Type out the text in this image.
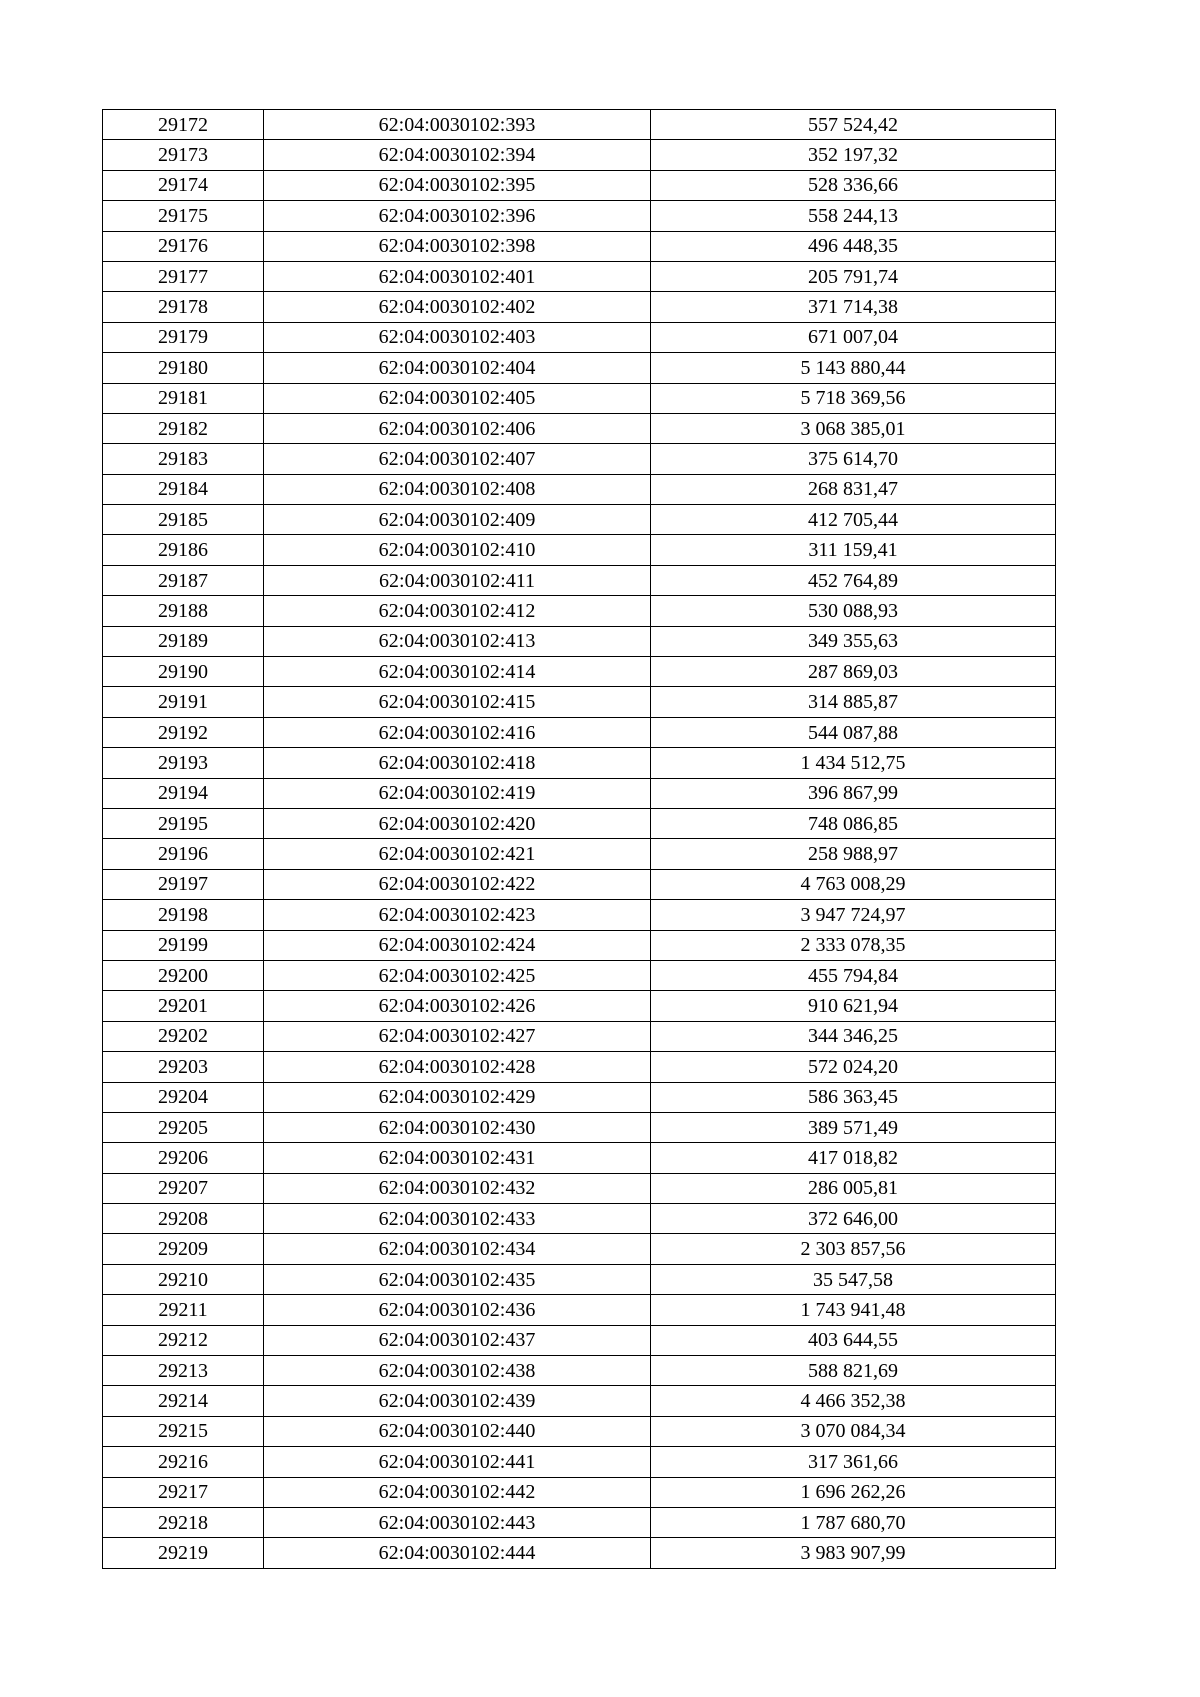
29172	62:04:0030102:393	557 524,42
29173	62:04:0030102:394	352 197,32
29174	62:04:0030102:395	528 336,66
29175	62:04:0030102:396	558 244,13
29176	62:04:0030102:398	496 448,35
29177	62:04:0030102:401	205 791,74
29178	62:04:0030102:402	371 714,38
29179	62:04:0030102:403	671 007,04
29180	62:04:0030102:404	5 143 880,44
29181	62:04:0030102:405	5 718 369,56
29182	62:04:0030102:406	3 068 385,01
29183	62:04:0030102:407	375 614,70
29184	62:04:0030102:408	268 831,47
29185	62:04:0030102:409	412 705,44
29186	62:04:0030102:410	311 159,41
29187	62:04:0030102:411	452 764,89
29188	62:04:0030102:412	530 088,93
29189	62:04:0030102:413	349 355,63
29190	62:04:0030102:414	287 869,03
29191	62:04:0030102:415	314 885,87
29192	62:04:0030102:416	544 087,88
29193	62:04:0030102:418	1 434 512,75
29194	62:04:0030102:419	396 867,99
29195	62:04:0030102:420	748 086,85
29196	62:04:0030102:421	258 988,97
29197	62:04:0030102:422	4 763 008,29
29198	62:04:0030102:423	3 947 724,97
29199	62:04:0030102:424	2 333 078,35
29200	62:04:0030102:425	455 794,84
29201	62:04:0030102:426	910 621,94
29202	62:04:0030102:427	344 346,25
29203	62:04:0030102:428	572 024,20
29204	62:04:0030102:429	586 363,45
29205	62:04:0030102:430	389 571,49
29206	62:04:0030102:431	417 018,82
29207	62:04:0030102:432	286 005,81
29208	62:04:0030102:433	372 646,00
29209	62:04:0030102:434	2 303 857,56
29210	62:04:0030102:435	35 547,58
29211	62:04:0030102:436	1 743 941,48
29212	62:04:0030102:437	403 644,55
29213	62:04:0030102:438	588 821,69
29214	62:04:0030102:439	4 466 352,38
29215	62:04:0030102:440	3 070 084,34
29216	62:04:0030102:441	317 361,66
29217	62:04:0030102:442	1 696 262,26
29218	62:04:0030102:443	1 787 680,70
29219	62:04:0030102:444	3 983 907,99
